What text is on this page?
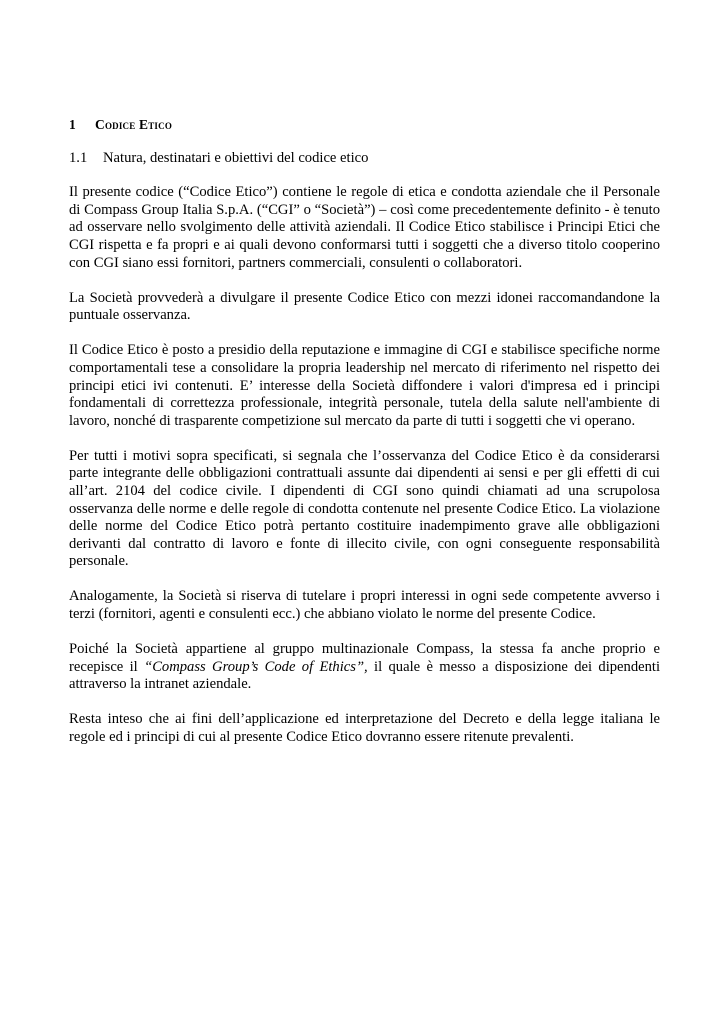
1	Codice Etico
1.1	Natura, destinatari e obiettivi del codice etico

Il presente codice (“Codice Etico”) contiene le regole di etica e condotta aziendale che il Personale di Compass Group Italia S.p.A. (“CGI” o “Società”) – così come precedentemente definito - è tenuto ad osservare nello svolgimento delle attività aziendali. Il Codice Etico stabilisce i Principi Etici che CGI rispetta e fa propri e ai quali devono conformarsi tutti i soggetti che a diverso titolo cooperino con CGI siano essi fornitori, partners commerciali, consulenti o collaboratori.

La Società provvederà a divulgare il presente Codice Etico con mezzi idonei raccomandandone la puntuale osservanza.

Il Codice Etico è posto a presidio della reputazione e immagine di CGI e stabilisce specifiche norme comportamentali tese a consolidare la propria leadership nel mercato di riferimento nel rispetto dei principi etici ivi contenuti. E’ interesse della Società diffondere i valori d'impresa ed i principi fondamentali di correttezza professionale, integrità personale, tutela della salute nell'ambiente di lavoro, nonché di trasparente competizione sul mercato da parte di tutti i soggetti che vi operano.

Per tutti i motivi sopra specificati, si segnala che l’osservanza del Codice Etico è da considerarsi parte integrante delle obbligazioni contrattuali assunte dai dipendenti ai sensi e per gli effetti di cui all’art. 2104 del codice civile. I dipendenti di CGI sono quindi chiamati ad una scrupolosa osservanza delle norme e delle regole di condotta contenute nel presente Codice Etico. La violazione delle norme del Codice Etico potrà pertanto costituire inadempimento grave alle obbligazioni derivanti dal contratto di lavoro e fonte di illecito civile, con ogni conseguente responsabilità personale.

Analogamente, la Società si riserva di tutelare i propri interessi in ogni sede competente avverso i terzi (fornitori, agenti e consulenti ecc.) che abbiano violato le norme del presente Codice.

Poiché la Società appartiene al gruppo multinazionale Compass, la stessa fa anche proprio e recepisce il “Compass Group’s Code of Ethics”, il quale è messo a disposizione dei dipendenti attraverso la intranet aziendale.

Resta inteso che ai fini dell’applicazione ed interpretazione del Decreto e della legge italiana le regole ed i principi di cui al presente Codice Etico dovranno essere ritenute prevalenti.
